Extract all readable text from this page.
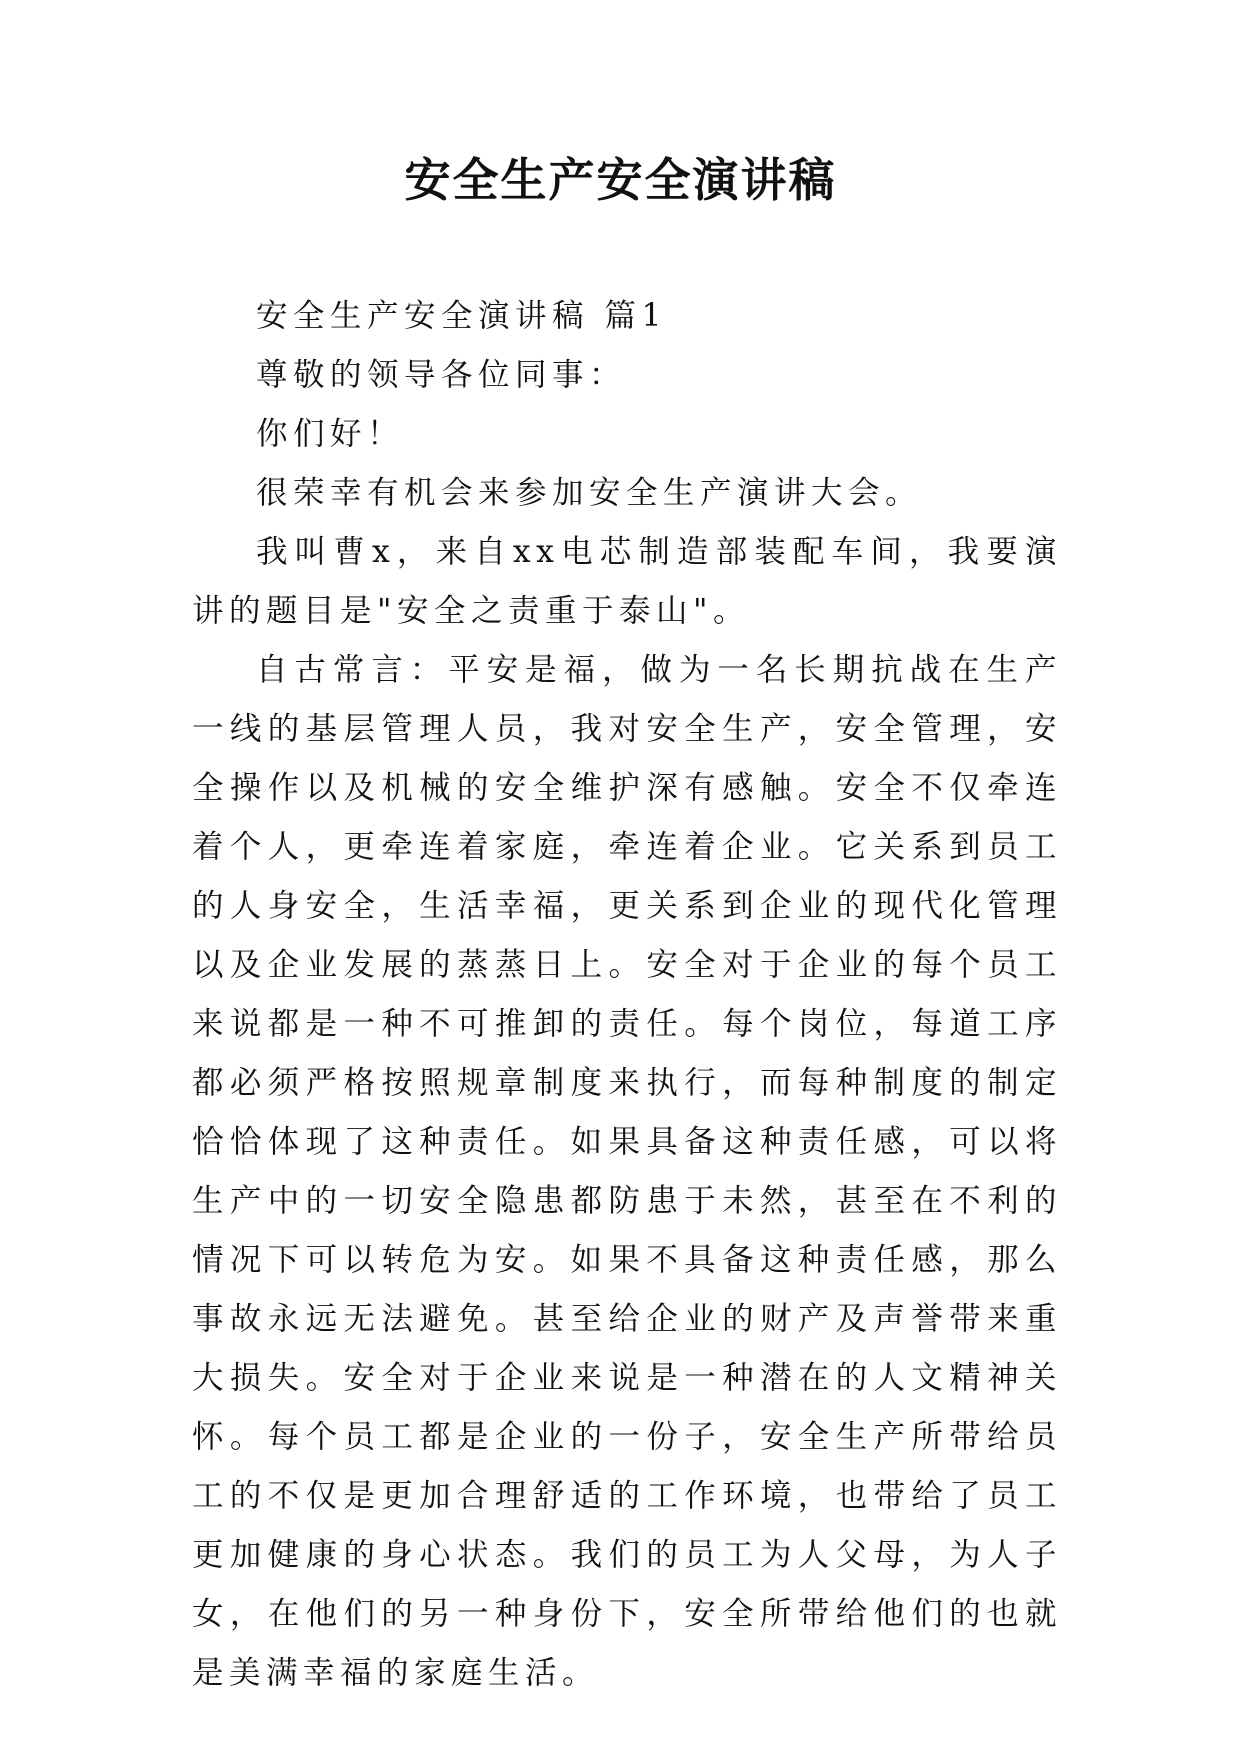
安全生产安全演讲稿

安全生产安全演讲稿 篇1

尊敬的领导各位同事：

你们好！

很荣幸有机会来参加安全生产演讲大会。

我叫曹x，来自xx电芯制造部装配车间，我要演讲的题目是"安全之责重于泰山"。

自古常言：平安是福，做为一名长期抗战在生产一线的基层管理人员，我对安全生产，安全管理，安全操作以及机械的安全维护深有感触。安全不仅牵连着个人，更牵连着家庭，牵连着企业。它关系到员工的人身安全，生活幸福，更关系到企业的现代化管理以及企业发展的蒸蒸日上。安全对于企业的每个员工来说都是一种不可推卸的责任。每个岗位，每道工序都必须严格按照规章制度来执行，而每种制度的制定恰恰体现了这种责任。如果具备这种责任感，可以将生产中的一切安全隐患都防患于未然，甚至在不利的情况下可以转危为安。如果不具备这种责任感，那么事故永远无法避免。甚至给企业的财产及声誉带来重大损失。安全对于企业来说是一种潜在的人文精神关怀。每个员工都是企业的一份子，安全生产所带给员工的不仅是更加合理舒适的工作环境，也带给了员工更加健康的身心状态。我们的员工为人父母，为人子女，在他们的另一种身份下，安全所带给他们的也就是美满幸福的家庭生活。
